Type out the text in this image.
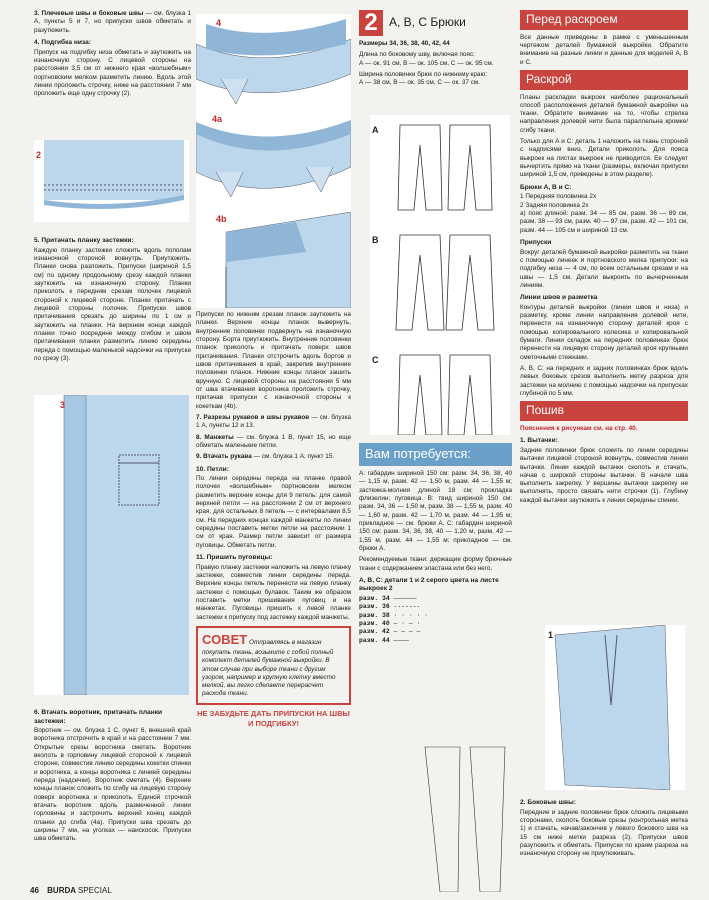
3. Плечевые швы и боковые швы — см. блузка 1 А, пункты 5 и 7, но припуски швов обметать и разутюжить.

4. Подгибка низа:

Припуск на подгибку низа обметать и заутюжить на изнаночную сторону. С лицевой стороны на расстоянии 3,5 см от нижнего края «волшебным» портновским мелком разметить линию. Вдоль этой линии проложить строчку, ниже на расстоянии 7 мм проложить еще одну строчку (2).

2
5. Притачать планку застежки:

Каждую планку застежки сложить вдоль пополам изнаночной стороной вовнутрь. Приутюжить. Планки снова разложить. Припуски (шириной 1,5 см) по одному продольному срезу каждой планки заутюжить на изнаночную сторону. Планки приколоть к передним срезам полочек лицевой стороной к лицевой стороне. Планки притачать с лицевой стороны полочек. Припуски швов притачивания срезать до ширины по 1 см и заутюжить на планки. На верхнем конце каждой планки точно посредине между сгибом и швом притачивания планки разметить линию середины переда с помощью маленькой надсечки на припуске по срезу (3).

3
6. Втачать воротник, притачать планки застежки:

Воротник — см. блузка 1 С, пункт 6, внешний край воротника отстрочить в край и на расстоянии 7 мм. Открытые срезы воротника сметать. Воротник вколоть в горловину лицевой стороной к лицевой стороне, совместив линию середины кокетки спинки и воротника, а концы воротника с линией середины переда (надсечки). Воротник сметать (4). Верхние концы планок сложить по сгибу на лицевую сторону поверх воротника и приколоть. Единой строчкой втачать воротник вдоль размеченной линии горловины и застрочить верхний конец каждой планки до сгиба (4а). Припуски шва срезать до ширины 7 мм, на уголках — наискосок. Припуски шва обметать.

4
4a
4b

Припуски по нижним срезам планок заутюжить на планки. Верхние концы планок вывернуть, внутренние половинки подвернуть на изнаночную сторону. Борта приутюжить. Внутренние половинки планок приколоть и притачать поверх швов притачивания. Планки отстрочить вдоль бортов и швов притачивания в край, закрепив внутренние половинки планок. Нижние концы планок зашить вручную. С лицевой стороны на расстоянии 5 мм от шва втачивания воротника проложить строчку, притачав припуски с изнаночной стороны к кокеткам (4b).

7. Разрезы рукавов и швы рукавов — см. блузка 1 А, пункты 12 и 13.

8. Манжеты — см. блузка 1 В, пункт 15, но еще обметать маленькие петли.

9. Втачать рукава — см. блузка 1 А, пункт 15.

10. Петли:

По линии середины переда на планке правой полочки «волшебным» портновским мелком разметить верхние концы для 9 петель: для самой верхней петли — на расстоянии 2 см от верхнего края, для остальных 8 петель — с интервалами 8,5 см. На передних концах каждой манжеты по линии середины поставить метки петли на расстоянии 1 см от края. Размер петли зависит от размера пуговицы. Обметать петли.

11. Пришить пуговицы:

Правую планку застежки наложить на левую планку застежки, совместив линии середины переда. Верхние концы петель перенести на левую планку застежки с помощью булавок. Таким же образом поставить метки пришивания пуговиц и на манжетах. Пуговицы пришить к левой планке застежки к припуску под застежку каждой манжеты.

СОВЕТ Отправляясь в магазин покупать ткань, возьмите с собой полный комплект деталей бумажной выкройки. В этом случае при выборе ткани с другим узором, например в крупную клетку вместо мелкой, вы легко сделаете перерасчет расхода ткани.
НЕ ЗАБУДЬТЕ ДАТЬ ПРИПУСКИ НА ШВЫ И ПОДГИБКУ!
2 А, В, С Брюки

Размеры 34, 36, 38, 40, 42, 44

Длина по боковому шву, включая пояс:
А — ок. 91 см, В — ок. 105 см, С — ок. 95 см.

Ширина половинки брюк по нижнему краю:
А — 38 см, В — ок. 35 см, С — ок. 37 см.

A
B
C
Вам потребуется:

А: габардин шириной 150 см: разм. 34, 36, 38, 40 — 1,15 м, разм. 42 — 1,50 м, разм. 44 — 1,55 м; застежка-молния длиной 18 см; прокладка флизелин; пуговица. В: твид шириной 150 см: разм. 34, 36 — 1,50 м, разм. 38 — 1,55 м, разм. 40 — 1,60 м, разм. 42 — 1,70 м, разм. 44 — 1,95 м; прикладное — см. брюки А. С: габардин шириной 150 см: разм. 34, 36, 38, 40 — 1,20 м, разм. 42 — 1,55 м, разм. 44 — 1,55 м; прикладное — см. брюки А.

Рекомендуемые ткани: держащие форму брючные ткани с содержанием эластана или без него.

А, В, С: детали 1 и 2 серого цвета на листе выкроек 2
разм. 34 ——————
разм. 36 -------
разм. 38 · · · · ·
разм. 40 — · — ·
разм. 42 — — — —
разм. 44 ————
Перед раскроем

Все данные приведены в рамке с уменьшенным чертежом деталей бумажной выкройки. Обратите внимание на разные линии и данные для моделей А, В и С.

Раскрой

Планы раскладки выкроек наиболее рациональный способ расположения деталей бумажной выкройки на ткани. Обратите внимание на то, чтобы стрелка направления долевой нити была параллельна кромке/сгибу ткани.

Только для А и С: деталь 1 наложить на ткань стороной с надписями вниз. Детали приколоть. Для пояса выкроек на листах выкроек не приводится. Ее следует вычертить прямо на ткани (размеры, включая припуски шириной 1,5 см, приведены в этом разделе).

Брюки А, В и С:
1 Передняя половинка 2х
2 Задняя половинка 2х

а) пояс длиной: разм. 34 — 85 см, разм. 36 — 89 см, разм. 38 — 93 см, разм. 40 — 97 см, разм. 42 — 101 см, разм. 44 — 105 см и шириной 13 см.

Припуски

Вокруг деталей бумажной выкройки разметить на ткани с помощью линеек и портновского мелка припуски: на подгибку низа — 4 см, по всем остальным срезам и на швы — 1,5 см. Детали выкроить по вычерченным линиям.

Линии швов и разметка

Контуры деталей выкройки (линии швов и низа) и разметку, кроме линии направления долевой нити, перенести на изнаночную сторону деталей кроя с помощью копировального колесика и копировальной бумаги. Линии складок на передних половинках брюк перенести на лицевую сторону деталей кроя крупными сметочными стежками.

А, В, С: на передних и задних половинках брюк вдоль левых боковых срезов выполнить метку разреза для застежки на молнию с помощью надсечки на припусках глубиной по 5 мм.

Пошив

Пояснения к рисункам см. на стр. 40.

1. Вытачки:

Задние половинки брюк сложить по линии середины вытачки лицевой стороной вовнутрь, совместив линии вытачки. Линии каждой вытачки сколоть и стачать, начав с широкой стороны вытачки. В начале шва выполнить закрепку. У вершины вытачки закрепку не выполнять, просто связать нити строчки (1). Глубину каждой вытачки заутюжить к линии середины спинки.

1
2. Боковые швы:

Передние и задние половинки брюк сложить лицевыми сторонами, сколоть боковые срезы (контрольная метка 1) и стачать, начав/закончив у левого бокового шва на 15 см ниже метки разреза (2). Припуски швов разутюжить и обметать. Припуски по краям разреза на изнаночную сторону не приутюживать.

46 BURDA SPECIAL
